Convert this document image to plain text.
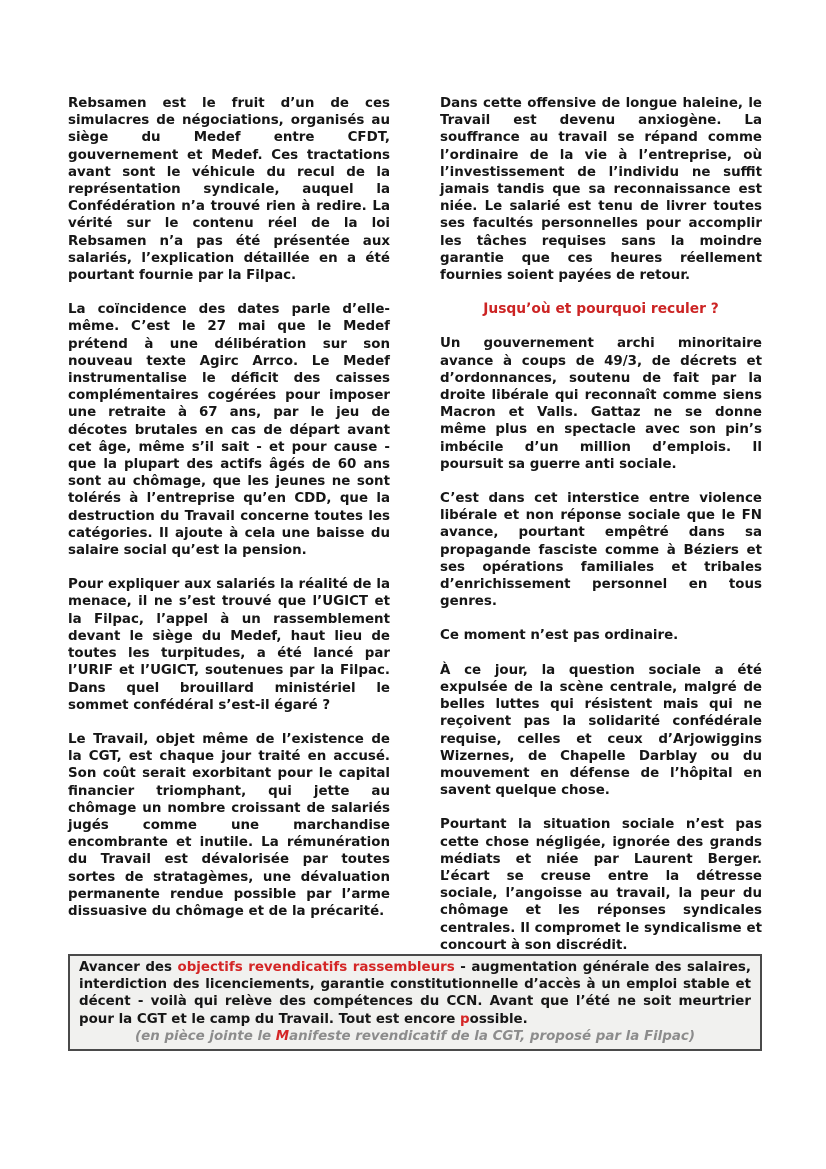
Rebsamen est le fruit d’un de ces simulacres de négociations, organisés au siège du Medef entre CFDT, gouvernement et Medef. Ces tractations avant sont le véhicule du recul de la représentation syndicale, auquel la Confédération n’a trouvé rien à redire. La vérité sur le contenu réel de la loi Rebsamen n’a pas été présentée aux salariés, l’explication détaillée en a été pourtant fournie par la Filpac.

La coïncidence des dates parle d’elle-même. C’est le 27 mai que le Medef prétend à une délibération sur son nouveau texte Agirc Arrco. Le Medef instrumentalise le déficit des caisses complémentaires cogérées pour imposer une retraite à 67 ans, par le jeu de décotes brutales en cas de départ avant cet âge, même s’il sait - et pour cause - que la plupart des actifs âgés de 60 ans sont au chômage, que les jeunes ne sont tolérés à l’entreprise qu’en CDD, que la destruction du Travail concerne toutes les catégories. Il ajoute à cela une baisse du salaire social qu’est la pension.

Pour expliquer aux salariés la réalité de la menace, il ne s’est trouvé que l’UGICT et la Filpac, l’appel à un rassemblement devant le siège du Medef, haut lieu de toutes les turpitudes, a été lancé par l’URIF et l’UGICT, soutenues par la Filpac. Dans quel brouillard ministériel le sommet confédéral s’est-il égaré ?

Le Travail, objet même de l’existence de la CGT, est chaque jour traité en accusé. Son coût serait exorbitant pour le capital financier triomphant, qui jette au chômage un nombre croissant de salariés jugés comme une marchandise encombrante et inutile. La rémunération du Travail est dévalorisée par toutes sortes de stratagèmes, une dévaluation permanente rendue possible par l’arme dissuasive du chômage et de la précarité.

Dans cette offensive de longue haleine, le Travail est devenu anxiogène. La souffrance au travail se répand comme l’ordinaire de la vie à l’entreprise, où l’investissement de l’individu ne suffit jamais tandis que sa reconnaissance est niée. Le salarié est tenu de livrer toutes ses facultés personnelles pour accomplir les tâches requises sans la moindre garantie que ces heures réellement fournies soient payées de retour.

Jusqu’où et pourquoi reculer ?

Un gouvernement archi minoritaire avance à coups de 49/3, de décrets et d’ordonnances, soutenu de fait par la droite libérale qui reconnaît comme siens Macron et Valls. Gattaz ne se donne même plus en spectacle avec son pin’s imbécile d’un million d’emplois. Il poursuit sa guerre anti sociale.

C’est dans cet interstice entre violence libérale et non réponse sociale que le FN avance, pourtant empêtré dans sa propagande fasciste comme à Béziers et ses opérations familiales et tribales d’enrichissement personnel en tous genres.

Ce moment n’est pas ordinaire.

À ce jour, la question sociale a été expulsée de la scène centrale, malgré de belles luttes qui résistent mais qui ne reçoivent pas la solidarité confédérale requise, celles et ceux d’Arjowiggins Wizernes, de Chapelle Darblay ou du mouvement en défense de l’hôpital en savent quelque chose.

Pourtant la situation sociale n’est pas cette chose négligée, ignorée des grands médiats et niée par Laurent Berger. L’écart se creuse entre la détresse sociale, l’angoisse au travail, la peur du chômage et les réponses syndicales centrales. Il compromet le syndicalisme et concourt à son discrédit.

Avancer des objectifs revendicatifs rassembleurs - augmentation générale des salaires, interdiction des licenciements, garantie constitutionnelle d’accès à un emploi stable et décent - voilà qui relève des compétences du CCN. Avant que l’été ne soit meurtrier pour la CGT et le camp du Travail. Tout est encore possible.

(en pièce jointe le Manifeste revendicatif de la CGT, proposé par la Filpac)
